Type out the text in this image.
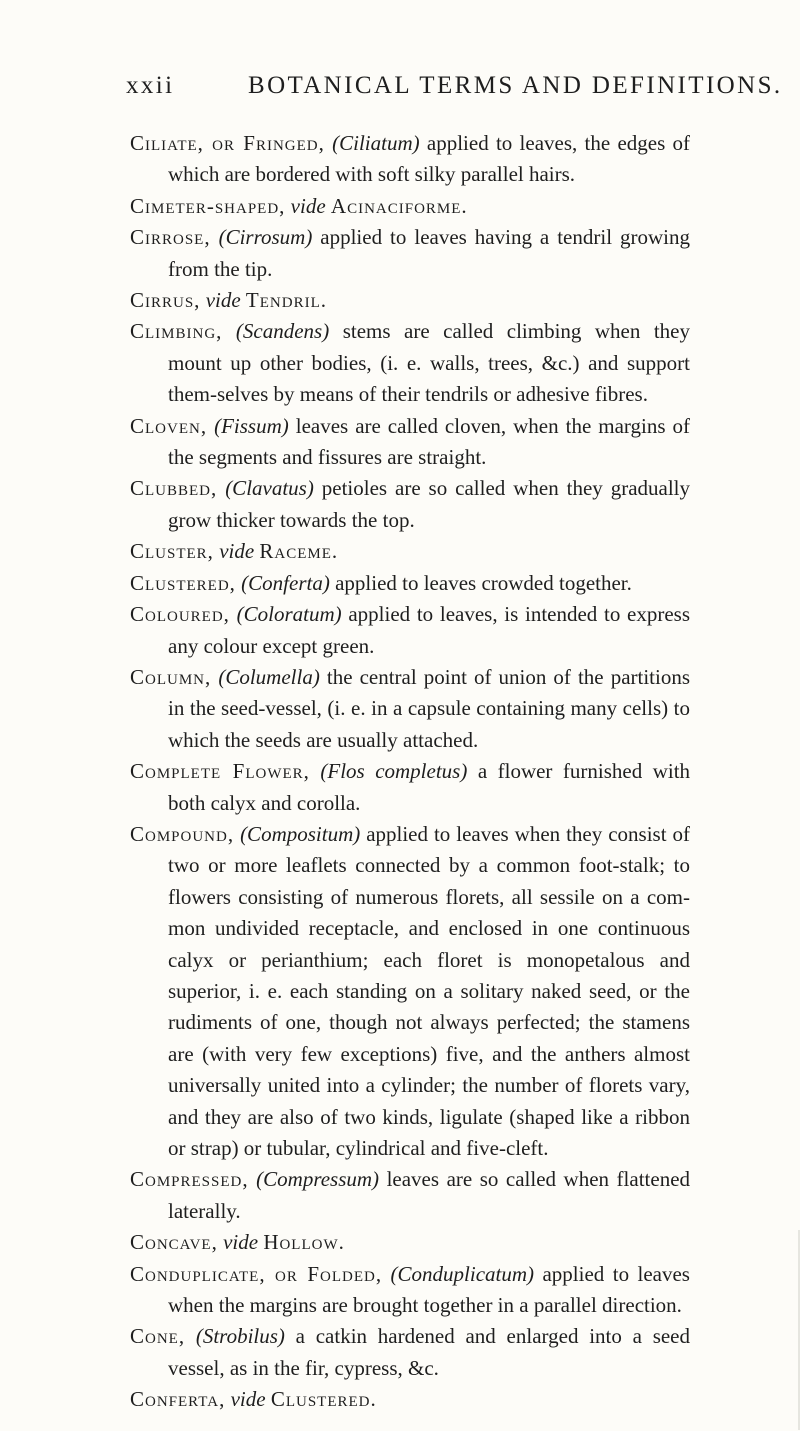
xxii	BOTANICAL TERMS AND DEFINITIONS.

Ciliate, or Fringed, (Ciliatum) applied to leaves, the edges of which are bordered with soft silky parallel hairs.

Cimeter-shaped, vide Acinaciforme.

Cirrose, (Cirrosum) applied to leaves having a tendril growing from the tip.

Cirrus, vide Tendril.

Climbing, (Scandens) stems are called climbing when they mount up other bodies, (i. e. walls, trees, &c.) and support them-selves by means of their tendrils or adhesive fibres.

Cloven, (Fissum) leaves are called cloven, when the margins of the segments and fissures are straight.

Clubbed, (Clavatus) petioles are so called when they gradually grow thicker towards the top.

Cluster, vide Raceme.

Clustered, (Conferta) applied to leaves crowded together.

Coloured, (Coloratum) applied to leaves, is intended to express any colour except green.

Column, (Columella) the central point of union of the partitions in the seed-vessel, (i. e. in a capsule containing many cells) to which the seeds are usually attached.

Complete Flower, (Flos completus) a flower furnished with both calyx and corolla.

Compound, (Compositum) applied to leaves when they consist of two or more leaflets connected by a common foot-stalk; to flowers consisting of numerous florets, all sessile on a com-mon undivided receptacle, and enclosed in one continuous calyx or perianthium; each floret is monopetalous and superior, i. e. each standing on a solitary naked seed, or the rudiments of one, though not always perfected; the stamens are (with very few exceptions) five, and the anthers almost universally united into a cylinder; the number of florets vary, and they are also of two kinds, ligulate (shaped like a ribbon or strap) or tubular, cylindrical and five-cleft.

Compressed, (Compressum) leaves are so called when flattened laterally.

Concave, vide Hollow.

Conduplicate, or Folded, (Conduplicatum) applied to leaves when the margins are brought together in a parallel direction.

Cone, (Strobilus) a catkin hardened and enlarged into a seed vessel, as in the fir, cypress, &c.

Conferta, vide Clustered.
